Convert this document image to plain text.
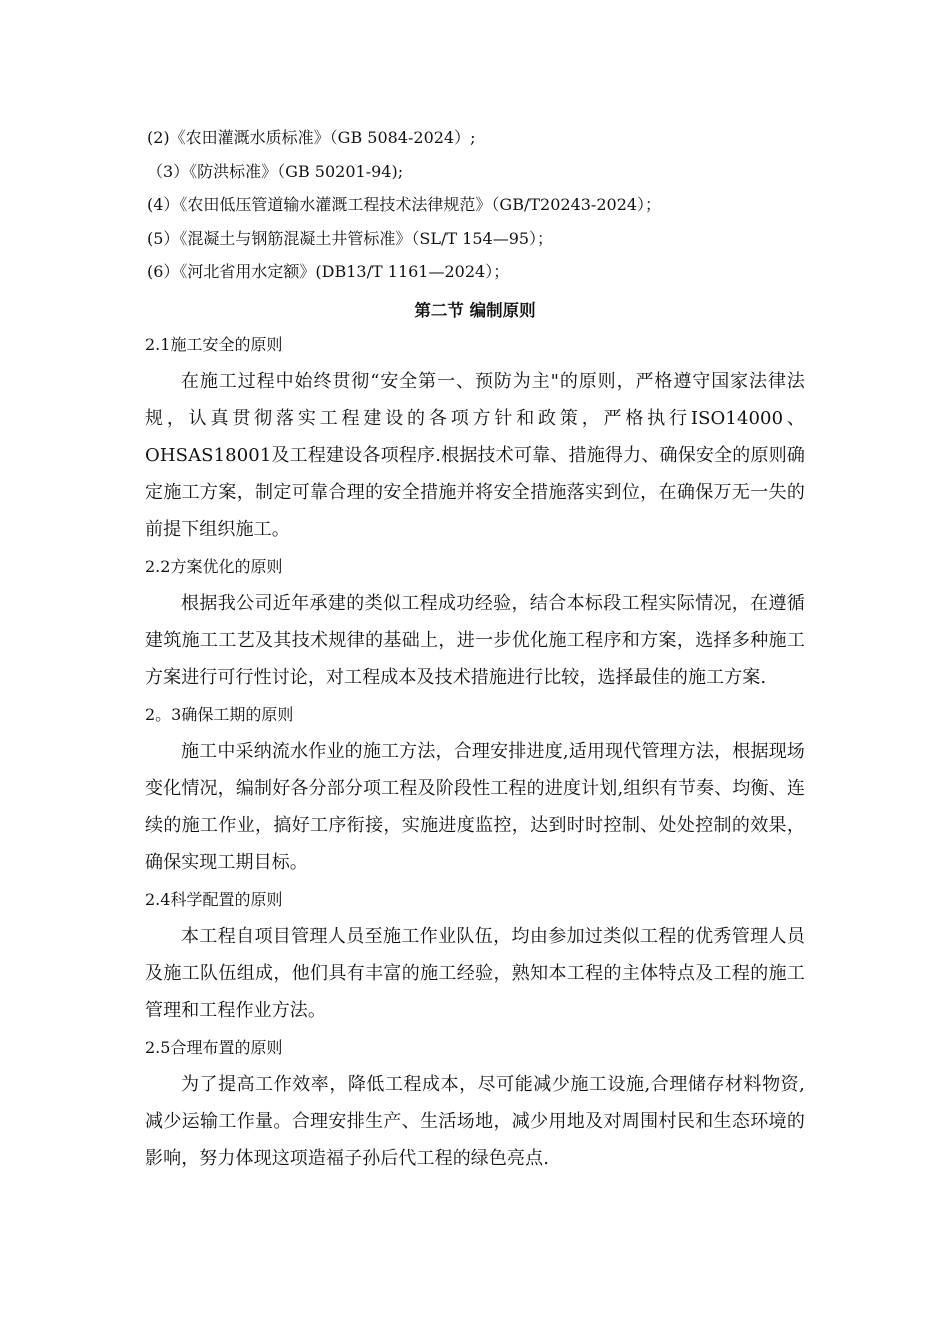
(2)《农田灌溉水质标准》（GB 5084-2024）;
（3）《防洪标准》（GB 50201-94);
(4）《农田低压管道输水灌溉工程技术法律规范》（GB/T20243-2024）；
(5）《混凝土与钢筋混凝土井管标准》（SL/T 154—95）；
(6）《河北省用水定额》(DB13/T 1161—2024）；
第二节 编制原则
2.1施工安全的原则

在施工过程中始终贯彻“安全第一、预防为主"的原则，严格遵守国家法律法规，认真贯彻落实工程建设的各项方针和政策，严格执行ISO14000、OHSAS18001及工程建设各项程序.根据技术可靠、措施得力、确保安全的原则确定施工方案，制定可靠合理的安全措施并将安全措施落实到位，在确保万无一失的前提下组织施工。

2.2方案优化的原则

根据我公司近年承建的类似工程成功经验，结合本标段工程实际情况，在遵循建筑施工工艺及其技术规律的基础上，进一步优化施工程序和方案，选择多种施工方案进行可行性讨论，对工程成本及技术措施进行比较，选择最佳的施工方案.

2。3确保工期的原则

施工中采纳流水作业的施工方法，合理安排进度,适用现代管理方法，根据现场变化情况，编制好各分部分项工程及阶段性工程的进度计划,组织有节奏、均衡、连续的施工作业，搞好工序衔接，实施进度监控，达到时时控制、处处控制的效果，确保实现工期目标。

2.4科学配置的原则

本工程自项目管理人员至施工作业队伍，均由参加过类似工程的优秀管理人员及施工队伍组成，他们具有丰富的施工经验，熟知本工程的主体特点及工程的施工管理和工程作业方法。

2.5合理布置的原则

为了提高工作效率，降低工程成本，尽可能减少施工设施,合理储存材料物资,减少运输工作量。合理安排生产、生活场地，减少用地及对周围村民和生态环境的影响，努力体现这项造福子孙后代工程的绿色亮点.
